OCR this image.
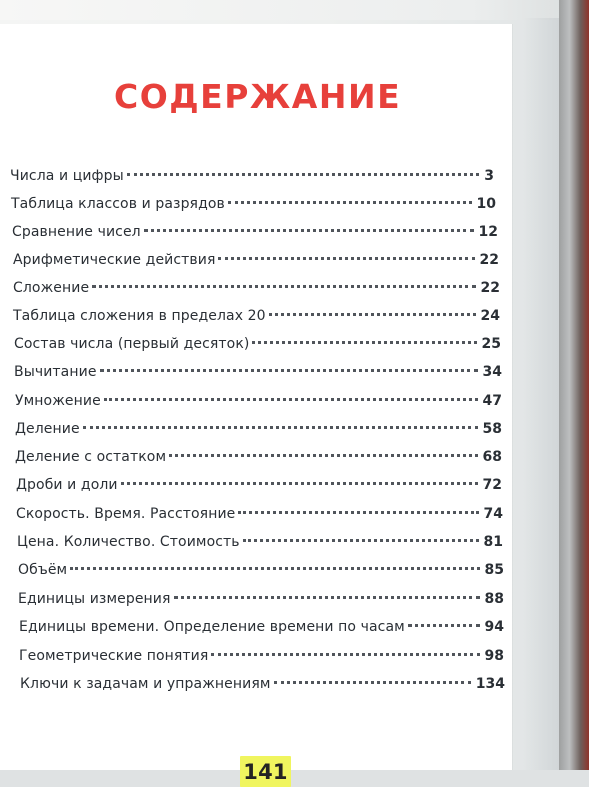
СОДЕРЖАНИЕ
Числа и цифры	3
Таблица классов и разрядов	10
Сравнение чисел	12
Арифметические действия	22
Сложение	22
Таблица сложения в пределах 20	24
Состав числа (первый десяток)	25
Вычитание	34
Умножение	47
Деление	58
Деление с остатком	68
Дроби и доли	72
Скорость. Время. Расстояние	74
Цена. Количество. Стоимость	81
Объём	85
Единицы измерения	88
Единицы времени. Определение времени по часам	94
Геометрические понятия	98
Ключи к задачам и упражнениям	134
141
